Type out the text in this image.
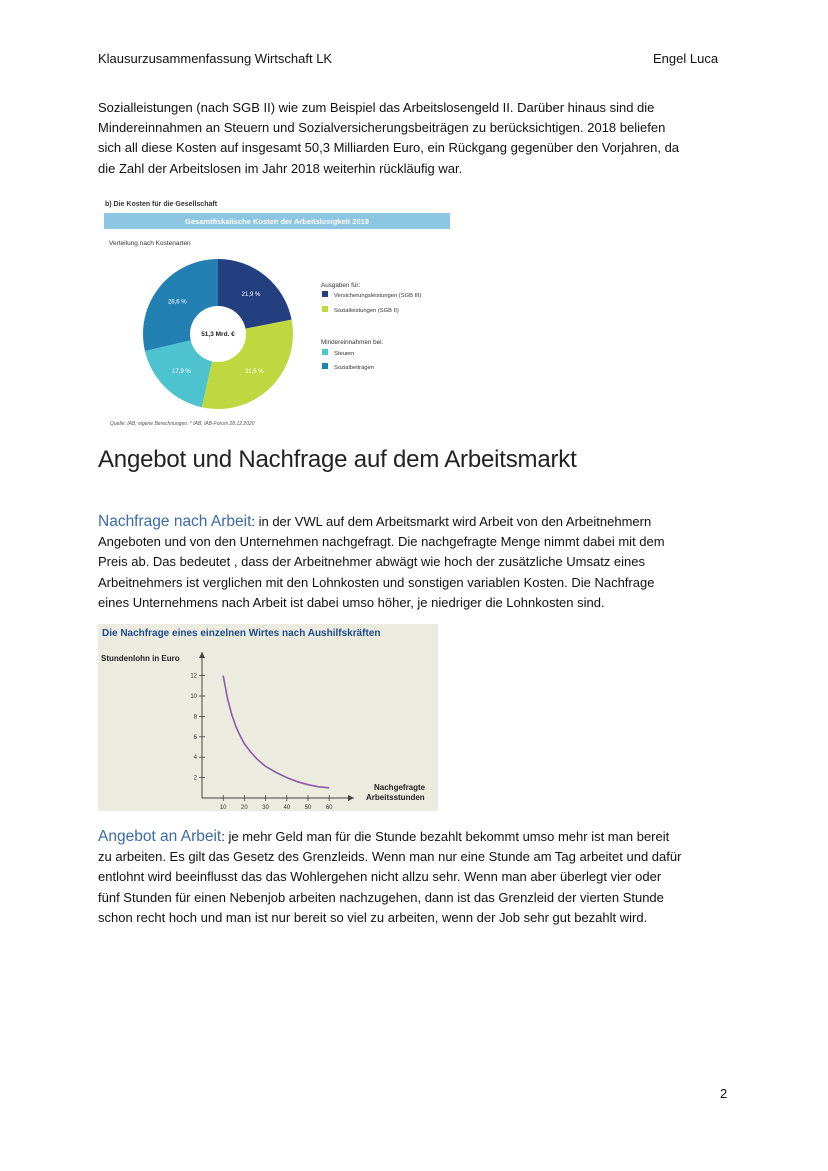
Klausurzusammenfassung Wirtschaft LK	Engel Luca

Sozialleistungen (nach SGB II) wie zum Beispiel das Arbeitslosengeld II. Darüber hinaus sind die
Mindereinnahmen an Steuern und Sozialversicherungsbeiträgen zu berücksichtigen. 2018 beliefen
sich all diese Kosten auf insgesamt 50,3 Milliarden Euro, ein Rückgang gegenüber den Vorjahren, da
die Zahl der Arbeitslosen im Jahr 2018 weiterhin rückläufig war.

b) Die Kosten für die Gesellschaft
Gesamtfiskalische Kosten der Arbeitslosigkeit 2019
Verteilung nach Kostenarten
51,3 Mrd. €
21,9 %
31,5 %
17,9 %
28,6 %
Ausgaben für:
Mindereinnahmen bei:
Versicherungsleistungen (SGB III)
Sozialleistungen (SGB II)
Steuern
Sozialbeiträgen
Quelle: IAB; eigene Berechnungen. * IAB, IAB-Forum 28.12.2020
Angebot und Nachfrage auf dem Arbeitsmarkt

Nachfrage nach Arbeit: in der VWL auf dem Arbeitsmarkt wird Arbeit von den Arbeitnehmern
Angeboten und von den Unternehmen nachgefragt. Die nachgefragte Menge nimmt dabei mit dem
Preis ab. Das bedeutet , dass der Arbeitnehmer abwägt wie hoch der zusätzliche Umsatz eines
Arbeitnehmers ist verglichen mit den Lohnkosten und sonstigen variablen Kosten. Die Nachfrage
eines Unternehmens nach Arbeit ist dabei umso höher, je niedriger die Lohnkosten sind.

Die Nachfrage eines einzelnen Wirtes nach Aushilfskräften
Stundenlohn in Euro
2
4
6
8
10
12
10 20 30 40 50 60
Nachgefragte
Arbeitsstunden

Angebot an Arbeit: je mehr Geld man für die Stunde bezahlt bekommt umso mehr ist man bereit
zu arbeiten. Es gilt das Gesetz des Grenzleids. Wenn man nur eine Stunde am Tag arbeitet und dafür
entlohnt wird beeinflusst das das Wohlergehen nicht allzu sehr. Wenn man aber überlegt vier oder
fünf Stunden für einen Nebenjob arbeiten nachzugehen, dann ist das Grenzleid der vierten Stunde
schon recht hoch und man ist nur bereit so viel zu arbeiten, wenn der Job sehr gut bezahlt wird.

2
